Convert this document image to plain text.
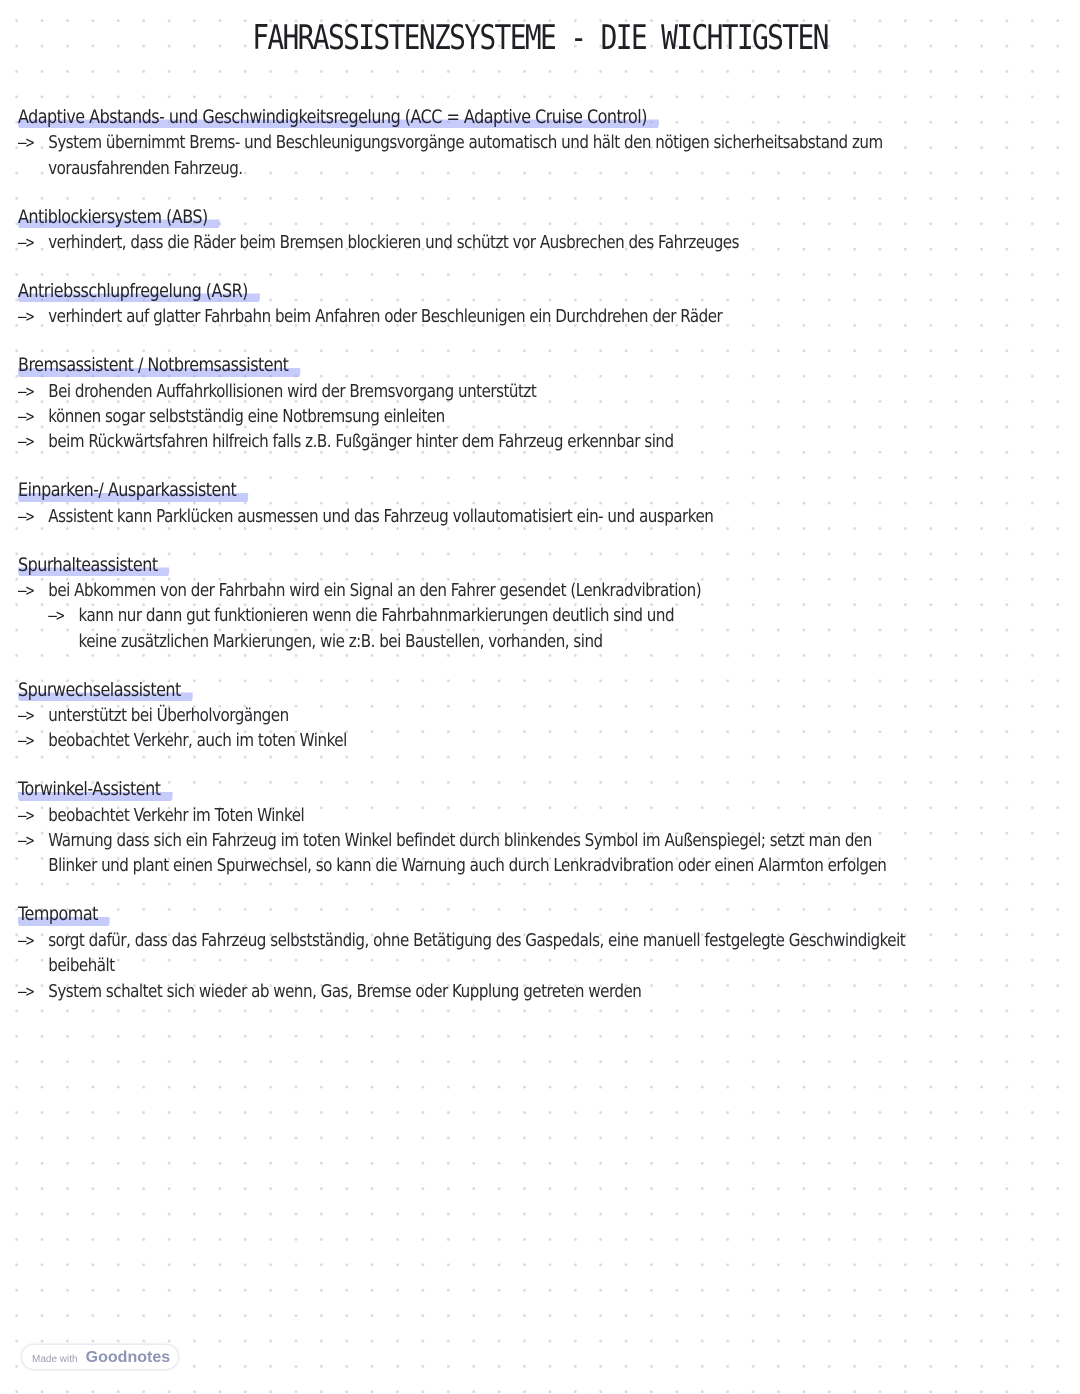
FAHRASSISTENZSYSTEME - DIE WICHTIGSTEN
Adaptive Abstands- und Geschwindigkeitsregelung (ACC = Adaptive Cruise Control)
—> System übernimmt Brems- und Beschleunigungsvorgänge automatisch und hält den nötigen sicherheitsabstand zum
vorausfahrenden Fahrzeug.
Antiblockiersystem (ABS)
—> verhindert, dass die Räder beim Bremsen blockieren und schützt vor Ausbrechen des Fahrzeuges
Antriebsschlupfregelung (ASR)
—> verhindert auf glatter Fahrbahn beim Anfahren oder Beschleunigen ein Durchdrehen der Räder
Bremsassistent / Notbremsassistent
—> Bei drohenden Auffahrkollisionen wird der Bremsvorgang unterstützt
—> können sogar selbstständig eine Notbremsung einleiten
—> beim Rückwärtsfahren hilfreich falls z.B. Fußgänger hinter dem Fahrzeug erkennbar sind
Einparken-/ Ausparkassistent
—> Assistent kann Parklücken ausmessen und das Fahrzeug vollautomatisiert ein- und ausparken
Spurhalteassistent
—> bei Abkommen von der Fahrbahn wird ein Signal an den Fahrer gesendet (Lenkradvibration)
—> kann nur dann gut funktionieren wenn die Fahrbahnmarkierungen deutlich sind und
keine zusätzlichen Markierungen, wie z:B. bei Baustellen, vorhanden, sind
Spurwechselassistent
—> unterstützt bei Überholvorgängen
—> beobachtet Verkehr, auch im toten Winkel
Torwinkel-Assistent
—> beobachtet Verkehr im Toten Winkel
—> Warnung dass sich ein Fahrzeug im toten Winkel befindet durch blinkendes Symbol im Außenspiegel; setzt man den
Blinker und plant einen Spurwechsel, so kann die Warnung auch durch Lenkradvibration oder einen Alarmton erfolgen
Tempomat
—> sorgt dafür, dass das Fahrzeug selbstständig, ohne Betätigung des Gaspedals, eine manuell festgelegte Geschwindigkeit
beibehält
—> System schaltet sich wieder ab wenn, Gas, Bremse oder Kupplung getreten werden
Made with Goodnotes
